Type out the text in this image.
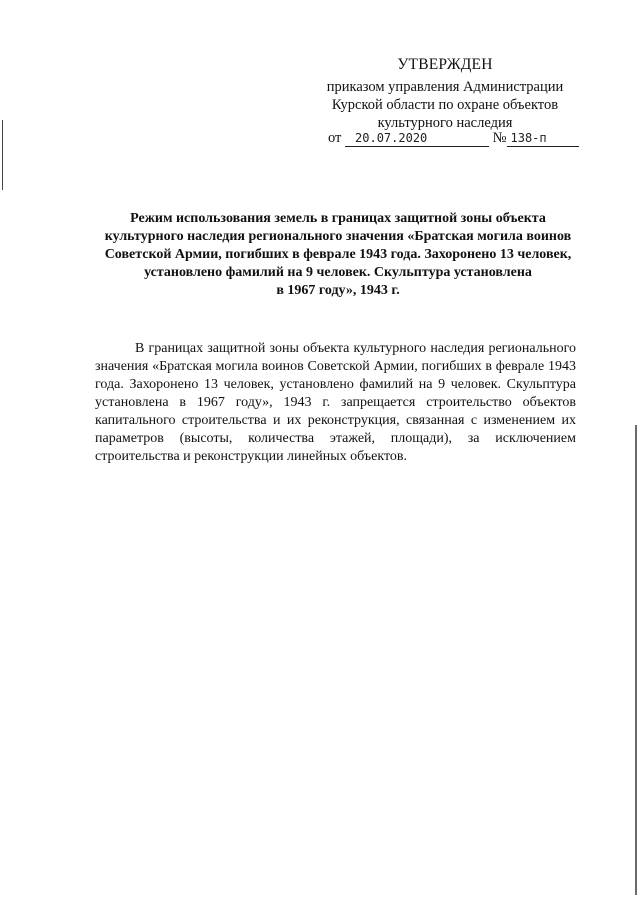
УТВЕРЖДЕН
приказом управления Администрации
Курской области по охране объектов
культурного наследия
от 20.07.2020	№ 138-п
Режим использования земель в границах защитной зоны объекта
культурного наследия регионального значения «Братская могила воинов
Советской Армии, погибших в феврале 1943 года. Захоронено 13 человек,
установлено фамилий на 9 человек. Скульптура установлена
в 1967 году», 1943 г.

В границах защитной зоны объекта культурного наследия регионального значения «Братская могила воинов Советской Армии, погибших в феврале 1943 года. Захоронено 13 человек, установлено фамилий на 9 человек. Скульптура установлена в 1967 году», 1943 г. запрещается строительство объектов капитального строительства и их реконструкция, связанная с изменением их параметров (высоты, количества этажей, площади), за исключением строительства и реконструкции линейных объектов.
